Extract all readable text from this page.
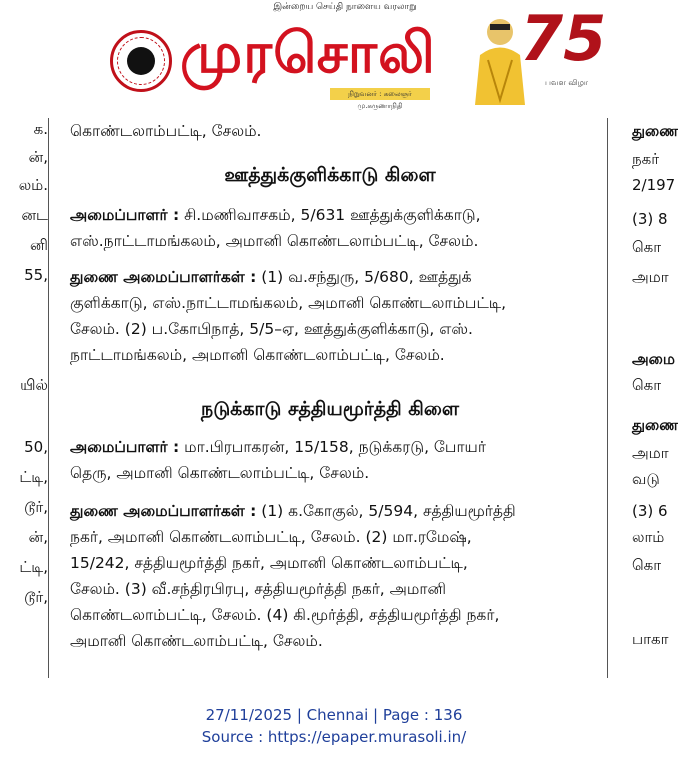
இன்றைய செய்தி நாளைய வரலாறு
முரசொலி
நிறுவனர் : கலைஞர் மு.கருணாநிதி
75
பவள விழா
க.
ன்,
லம்.
னட
னி
55,
யில்
50,
ட்டி,
டூர்,
ன்,
ட்டி,
டூர்,
துணை
நகர்
2/197
(3) 8
கொ
அமா
அமை
கொ
துணை
அமா
வடு
(3) 6
லாம்
கொ
பாகா
கொண்டலாம்பட்டி, சேலம்.
ஊத்துக்குளிக்காடு கிளை
அமைப்பாளர் : சி.மணிவாசகம், 5/631 ஊத்துக்குளிக்காடு,
எஸ்.நாட்டாமங்கலம், அமானி கொண்டலாம்பட்டி, சேலம்.
துணை அமைப்பாளர்கள் : (1) வ.சந்துரு, 5/680, ஊத்துக்
குளிக்காடு, எஸ்.நாட்டாமங்கலம், அமானி கொண்டலாம்பட்டி,
சேலம். (2) ப.கோபிநாத், 5/5–ஏ, ஊத்துக்குளிக்காடு, எஸ்.
நாட்டாமங்கலம், அமானி கொண்டலாம்பட்டி, சேலம்.
நடுக்காடு சத்தியமூர்த்தி கிளை
அமைப்பாளர் : மா.பிரபாகரன், 15/158, நடுக்கரடு, போயர்
தெரு, அமானி கொண்டலாம்பட்டி, சேலம்.
துணை அமைப்பாளர்கள் : (1) க.கோகுல், 5/594, சத்தியமூர்த்தி
நகர், அமானி கொண்டலாம்பட்டி, சேலம். (2) மா.ரமேஷ்,
15/242, சத்தியமூர்த்தி நகர், அமானி கொண்டலாம்பட்டி,
சேலம். (3) வீ.சந்திரபிரபு, சத்தியமூர்த்தி நகர், அமானி
கொண்டலாம்பட்டி, சேலம். (4) கி.மூர்த்தி, சத்தியமூர்த்தி நகர்,
அமானி கொண்டலாம்பட்டி, சேலம்.
27/11/2025 | Chennai | Page : 136
Source : https://epaper.murasoli.in/
